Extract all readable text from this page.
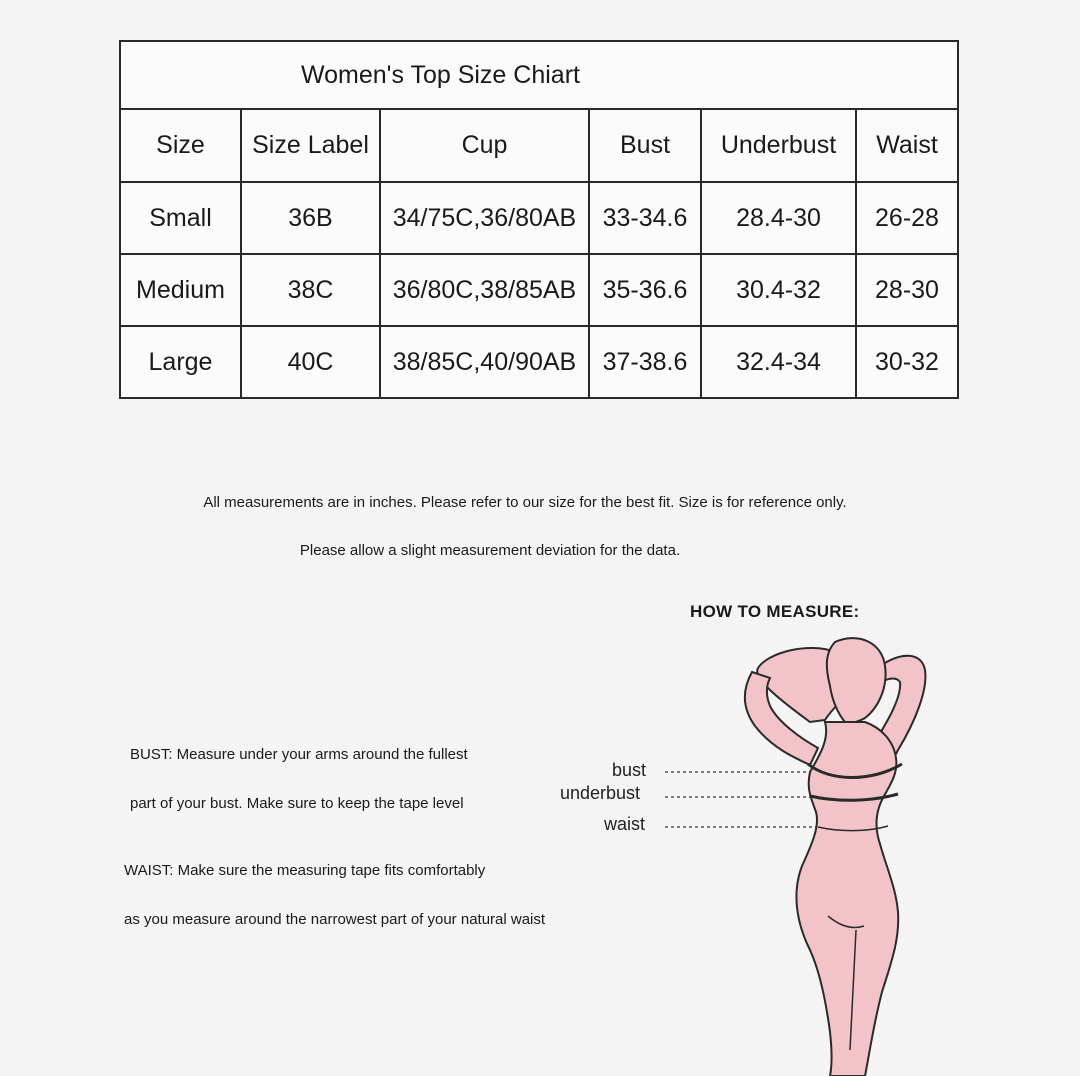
Women's Top Size Chiart					
Size	Size Label	Cup	Bust	Underbust	Waist
Small	36B	34/75C,36/80AB	33-34.6	28.4-30	26-28
Medium	38C	36/80C,38/85AB	35-36.6	30.4-32	28-30
Large	40C	38/85C,40/90AB	37-38.6	32.4-34	30-32
All measurements are in inches. Please refer to our size for the best fit. Size is for reference only.
Please allow a slight measurement deviation for the data.
HOW TO MEASURE:
BUST: Measure under your arms around the fullest
part of your bust. Make sure to keep the tape level
WAIST: Make sure the measuring tape fits comfortably
as you measure around the narrowest part of your natural waist
bust
underbust
waist
